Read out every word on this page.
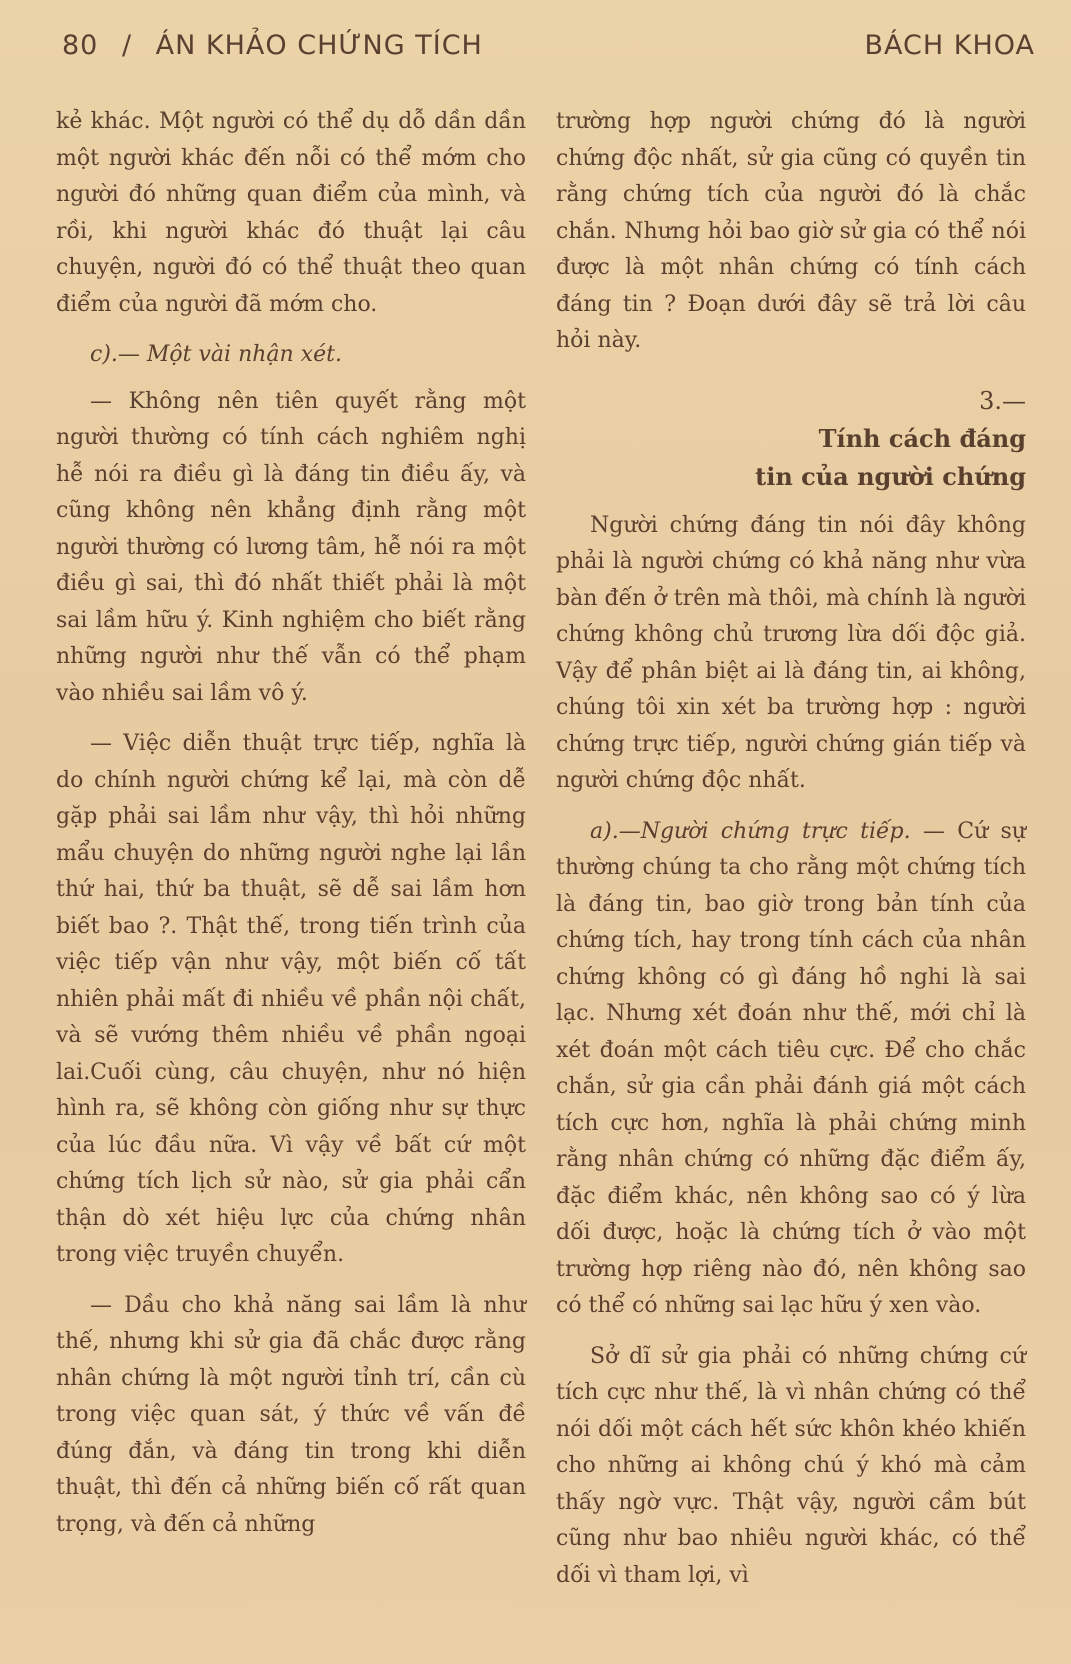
80 / ÁN KHẢO CHỨNG TÍCH	BÁCH KHOA

kẻ khác. Một người có thể dụ dỗ dần dần một người khác đến nỗi có thể mớm cho người đó những quan điểm của mình, và rồi, khi người khác đó thuật lại câu chuyện, người đó có thể thuật theo quan điểm của người đã mớm cho.

c).— Một vài nhận xét.

— Không nên tiên quyết rằng một người thường có tính cách nghiêm nghị hễ nói ra điều gì là đáng tin điều ấy, và cũng không nên khẳng định rằng một người thường có lương tâm, hễ nói ra một điều gì sai, thì đó nhất thiết phải là một sai lầm hữu ý. Kinh nghiệm cho biết rằng những người như thế vẫn có thể phạm vào nhiều sai lầm vô ý.

— Việc diễn thuật trực tiếp, nghĩa là do chính người chứng kể lại, mà còn dễ gặp phải sai lầm như vậy, thì hỏi những mẩu chuyện do những người nghe lại lần thứ hai, thứ ba thuật, sẽ dễ sai lầm hơn biết bao ?. Thật thế, trong tiến trình của việc tiếp vận như vậy, một biến cố tất nhiên phải mất đi nhiều về phần nội chất, và sẽ vướng thêm nhiều về phần ngoại lai.Cuối cùng, câu chuyện, như nó hiện hình ra, sẽ không còn giống như sự thực của lúc đầu nữa. Vì vậy về bất cứ một chứng tích lịch sử nào, sử gia phải cẩn thận dò xét hiệu lực của chứng nhân trong việc truyền chuyển.

— Dầu cho khả năng sai lầm là như thế, nhưng khi sử gia đã chắc được rằng nhân chứng là một người tỉnh trí, cần cù trong việc quan sát, ý thức về vấn đề đúng đắn, và đáng tin trong khi diễn thuật, thì đến cả những biến cố rất quan trọng, và đến cả những

trường hợp người chứng đó là người chứng độc nhất, sử gia cũng có quyền tin rằng chứng tích của người đó là chắc chắn. Nhưng hỏi bao giờ sử gia có thể nói được là một nhân chứng có tính cách đáng tin ? Đoạn dưới đây sẽ trả lời câu hỏi này.

3.—
Tính cách đáng
tin của người chứng

Người chứng đáng tin nói đây không phải là người chứng có khả năng như vừa bàn đến ở trên mà thôi, mà chính là người chứng không chủ trương lừa dối độc giả. Vậy để phân biệt ai là đáng tin, ai không, chúng tôi xin xét ba trường hợp : người chứng trực tiếp, người chứng gián tiếp và người chứng độc nhất.

a).—Người chứng trực tiếp. — Cứ sự thường chúng ta cho rằng một chứng tích là đáng tin, bao giờ trong bản tính của chứng tích, hay trong tính cách của nhân chứng không có gì đáng hồ nghi là sai lạc. Nhưng xét đoán như thế, mới chỉ là xét đoán một cách tiêu cực. Để cho chắc chắn, sử gia cần phải đánh giá một cách tích cực hơn, nghĩa là phải chứng minh rằng nhân chứng có những đặc điểm ấy, đặc điểm khác, nên không sao có ý lừa dối được, hoặc là chứng tích ở vào một trường hợp riêng nào đó, nên không sao có thể có những sai lạc hữu ý xen vào.

Sở dĩ sử gia phải có những chứng cứ tích cực như thế, là vì nhân chứng có thể nói dối một cách hết sức khôn khéo khiến cho những ai không chú ý khó mà cảm thấy ngờ vực. Thật vậy, người cầm bút cũng như bao nhiêu người khác, có thể dối vì tham lợi, vì
